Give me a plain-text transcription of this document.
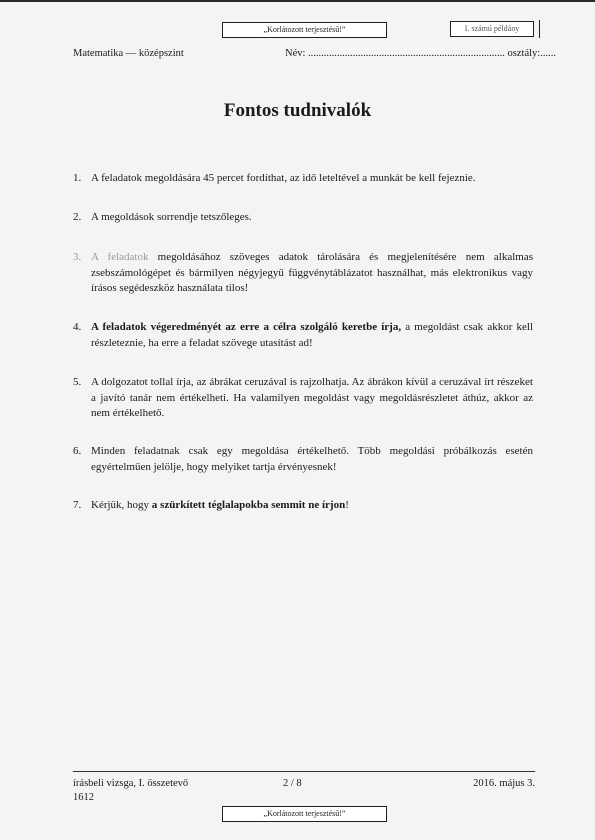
„Korlátozott terjesztésű!”	I. számú példány
Matematika — középszint	Név: ........................................................................... osztály:......
Fontos tudnivalók
1. A feladatok megoldására 45 percet fordíthat, az idő leteltével a munkát be kell fejeznie.
2. A megoldások sorrendje tetszőleges.
3. A feladatok megoldásához szöveges adatok tárolására és megjelenítésére nem alkalmas zsebszámológépet és bármilyen négyjegyű függvénytáblázatot használhat, más elektronikus vagy írásos segédeszköz használata tilos!
4. A feladatok végeredményét az erre a célra szolgáló keretbe írja, a megoldást csak akkor kell részleteznie, ha erre a feladat szövege utasítást ad!
5. A dolgozatot tollal írja, az ábrákat ceruzával is rajzolhatja. Az ábrákon kívül a ceruzával írt részeket a javító tanár nem értékelheti. Ha valamilyen megoldást vagy megoldásrészletet áthúz, akkor az nem értékelhető.
6. Minden feladatnak csak egy megoldása értékelhető. Több megoldási próbálkozás esetén egyértelműen jelölje, hogy melyiket tartja érvényesnek!
7. Kérjük, hogy a szürkített téglalapokba semmit ne írjon!
írásbeli vizsga, I. összetevő
1612
2 / 8	2016. május 3.
„Korlátozott terjesztésű!”
